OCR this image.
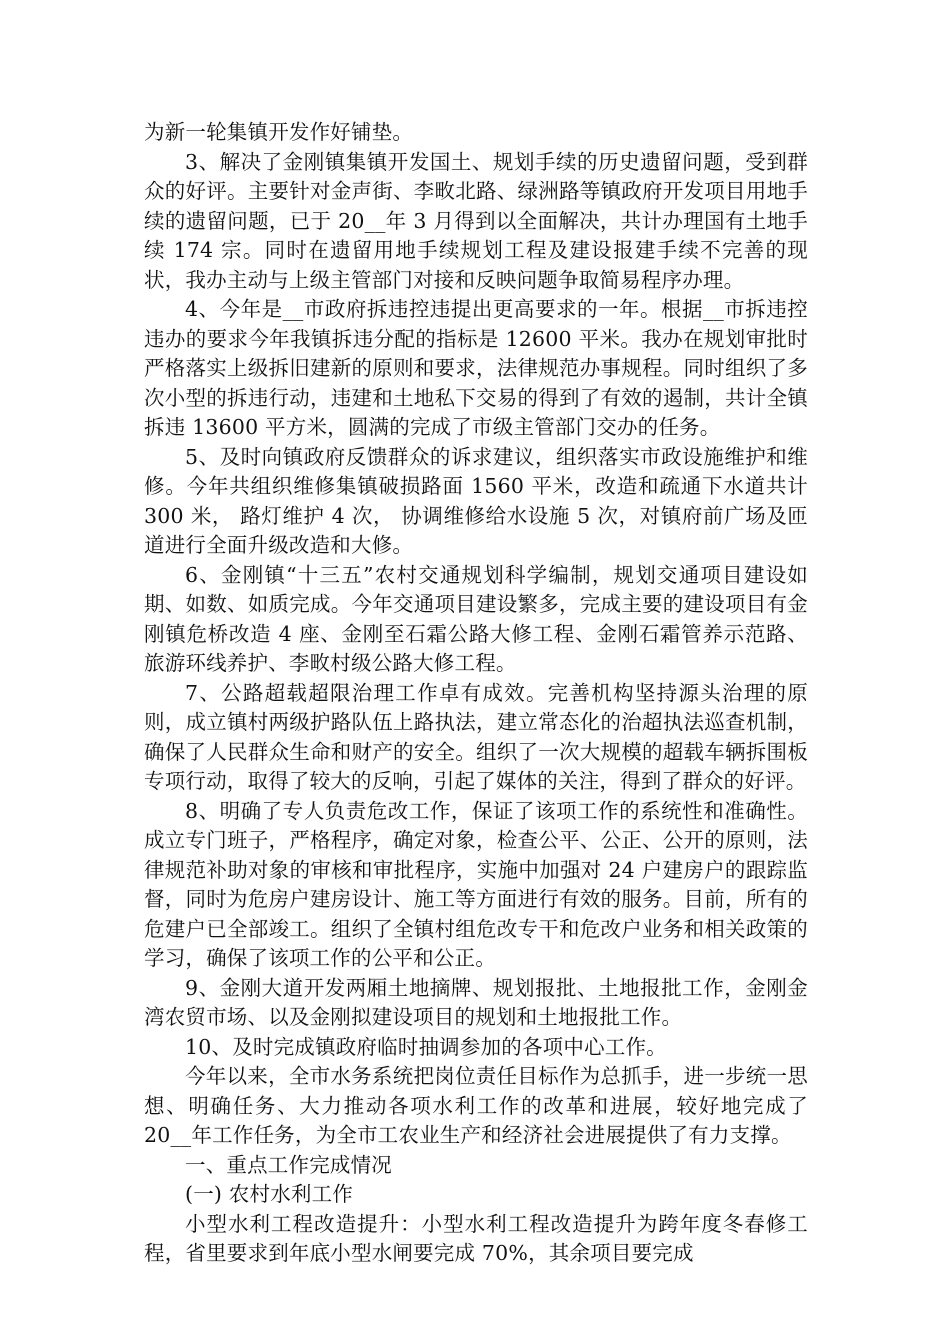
为新一轮集镇开发作好铺垫。

3、解决了金刚镇集镇开发国土、规划手续的历史遗留问题，受到群众的好评。主要针对金声街、李畋北路、绿洲路等镇政府开发项目用地手续的遗留问题，已于 20__年 3 月得到以全面解决，共计办理国有土地手续 174 宗。同时在遗留用地手续规划工程及建设报建手续不完善的现状，我办主动与上级主管部门对接和反映问题争取简易程序办理。

4、今年是__市政府拆违控违提出更高要求的一年。根据__市拆违控违办的要求今年我镇拆违分配的指标是 12600 平米。我办在规划审批时严格落实上级拆旧建新的原则和要求，法律规范办事规程。同时组织了多次小型的拆违行动，违建和土地私下交易的得到了有效的遏制，共计全镇拆违 13600 平方米，圆满的完成了市级主管部门交办的任务。

5、及时向镇政府反馈群众的诉求建议，组织落实市政设施维护和维修。今年共组织维修集镇破损路面 1560 平米，改造和疏通下水道共计 300 米， 路灯维护 4 次， 协调维修给水设施 5 次，对镇府前广场及匝道进行全面升级改造和大修。

6、金刚镇“十三五”农村交通规划科学编制，规划交通项目建设如期、如数、如质完成。今年交通项目建设繁多，完成主要的建设项目有金刚镇危桥改造 4 座、金刚至石霜公路大修工程、金刚石霜管养示范路、旅游环线养护、李畋村级公路大修工程。

7、公路超载超限治理工作卓有成效。完善机构坚持源头治理的原则，成立镇村两级护路队伍上路执法，建立常态化的治超执法巡查机制，确保了人民群众生命和财产的安全。组织了一次大规模的超载车辆拆围板专项行动，取得了较大的反响，引起了媒体的关注，得到了群众的好评。

8、明确了专人负责危改工作，保证了该项工作的系统性和准确性。成立专门班子，严格程序，确定对象，检查公平、公正、公开的原则，法律规范补助对象的审核和审批程序，实施中加强对 24 户建房户的跟踪监督，同时为危房户建房设计、施工等方面进行有效的服务。目前，所有的危建户已全部竣工。组织了全镇村组危改专干和危改户业务和相关政策的学习，确保了该项工作的公平和公正。

9、金刚大道开发两厢土地摘牌、规划报批、土地报批工作，金刚金湾农贸市场、以及金刚拟建设项目的规划和土地报批工作。

10、及时完成镇政府临时抽调参加的各项中心工作。

今年以来，全市水务系统把岗位责任目标作为总抓手，进一步统一思想、明确任务、大力推动各项水利工作的改革和进展，较好地完成了 20__年工作任务，为全市工农业生产和经济社会进展提供了有力支撑。

一、重点工作完成情况

(一) 农村水利工作

小型水利工程改造提升：小型水利工程改造提升为跨年度冬春修工程，省里要求到年底小型水闸要完成 70%，其余项目要完成
